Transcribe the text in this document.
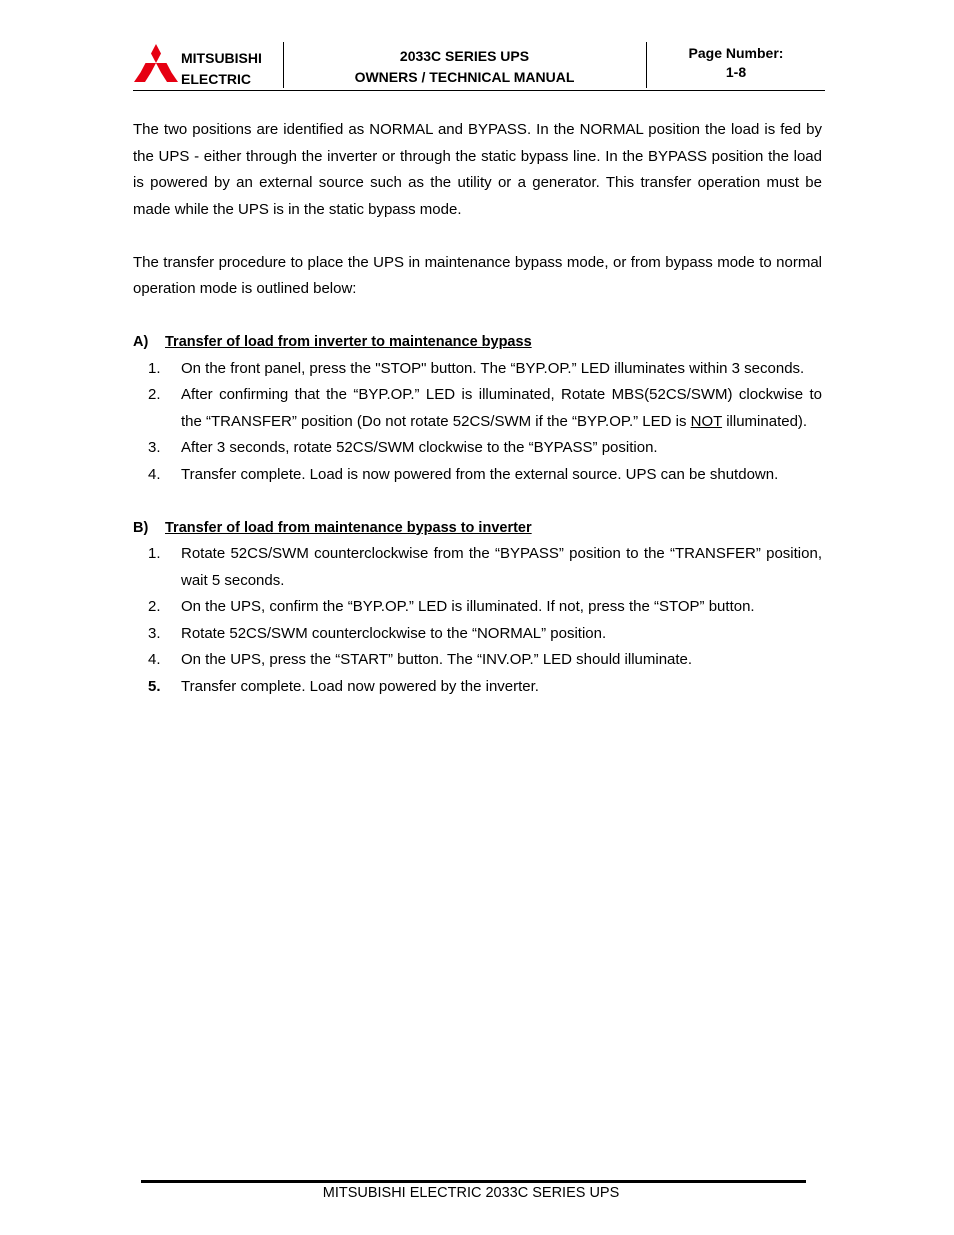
MITSUBISHI
ELECTRIC
2033C SERIES UPS
OWNERS / TECHNICAL MANUAL
Page Number:
1-8

The two positions are identified as NORMAL and BYPASS. In the NORMAL position the load is fed by the UPS - either through the inverter or through the static bypass line. In the BYPASS position the load is powered by an external source such as the utility or a generator. This transfer operation must be made while the UPS is in the static bypass mode.

The transfer procedure to place the UPS in maintenance bypass mode, or from bypass mode to normal operation mode is outlined below:

A) Transfer of load from inverter to maintenance bypass
1. On the front panel, press the "STOP" button. The “BYP.OP.” LED illuminates within 3 seconds.
2. After confirming that the “BYP.OP.” LED is illuminated, Rotate MBS(52CS/SWM) clockwise to the “TRANSFER” position (Do not rotate 52CS/SWM if the “BYP.OP.” LED is NOT illuminated).
3. After 3 seconds, rotate 52CS/SWM clockwise to the “BYPASS” position.
4. Transfer complete. Load is now powered from the external source. UPS can be shutdown.
B) Transfer of load from maintenance bypass to inverter
1. Rotate 52CS/SWM counterclockwise from the “BYPASS” position to the “TRANSFER” position, wait 5 seconds.
2. On the UPS, confirm the “BYP.OP.” LED is illuminated. If not, press the “STOP” button.
3. Rotate 52CS/SWM counterclockwise to the “NORMAL” position.
4. On the UPS, press the “START” button. The “INV.OP.” LED should illuminate.
5. Transfer complete. Load now powered by the inverter.
MITSUBISHI ELECTRIC 2033C SERIES UPS
